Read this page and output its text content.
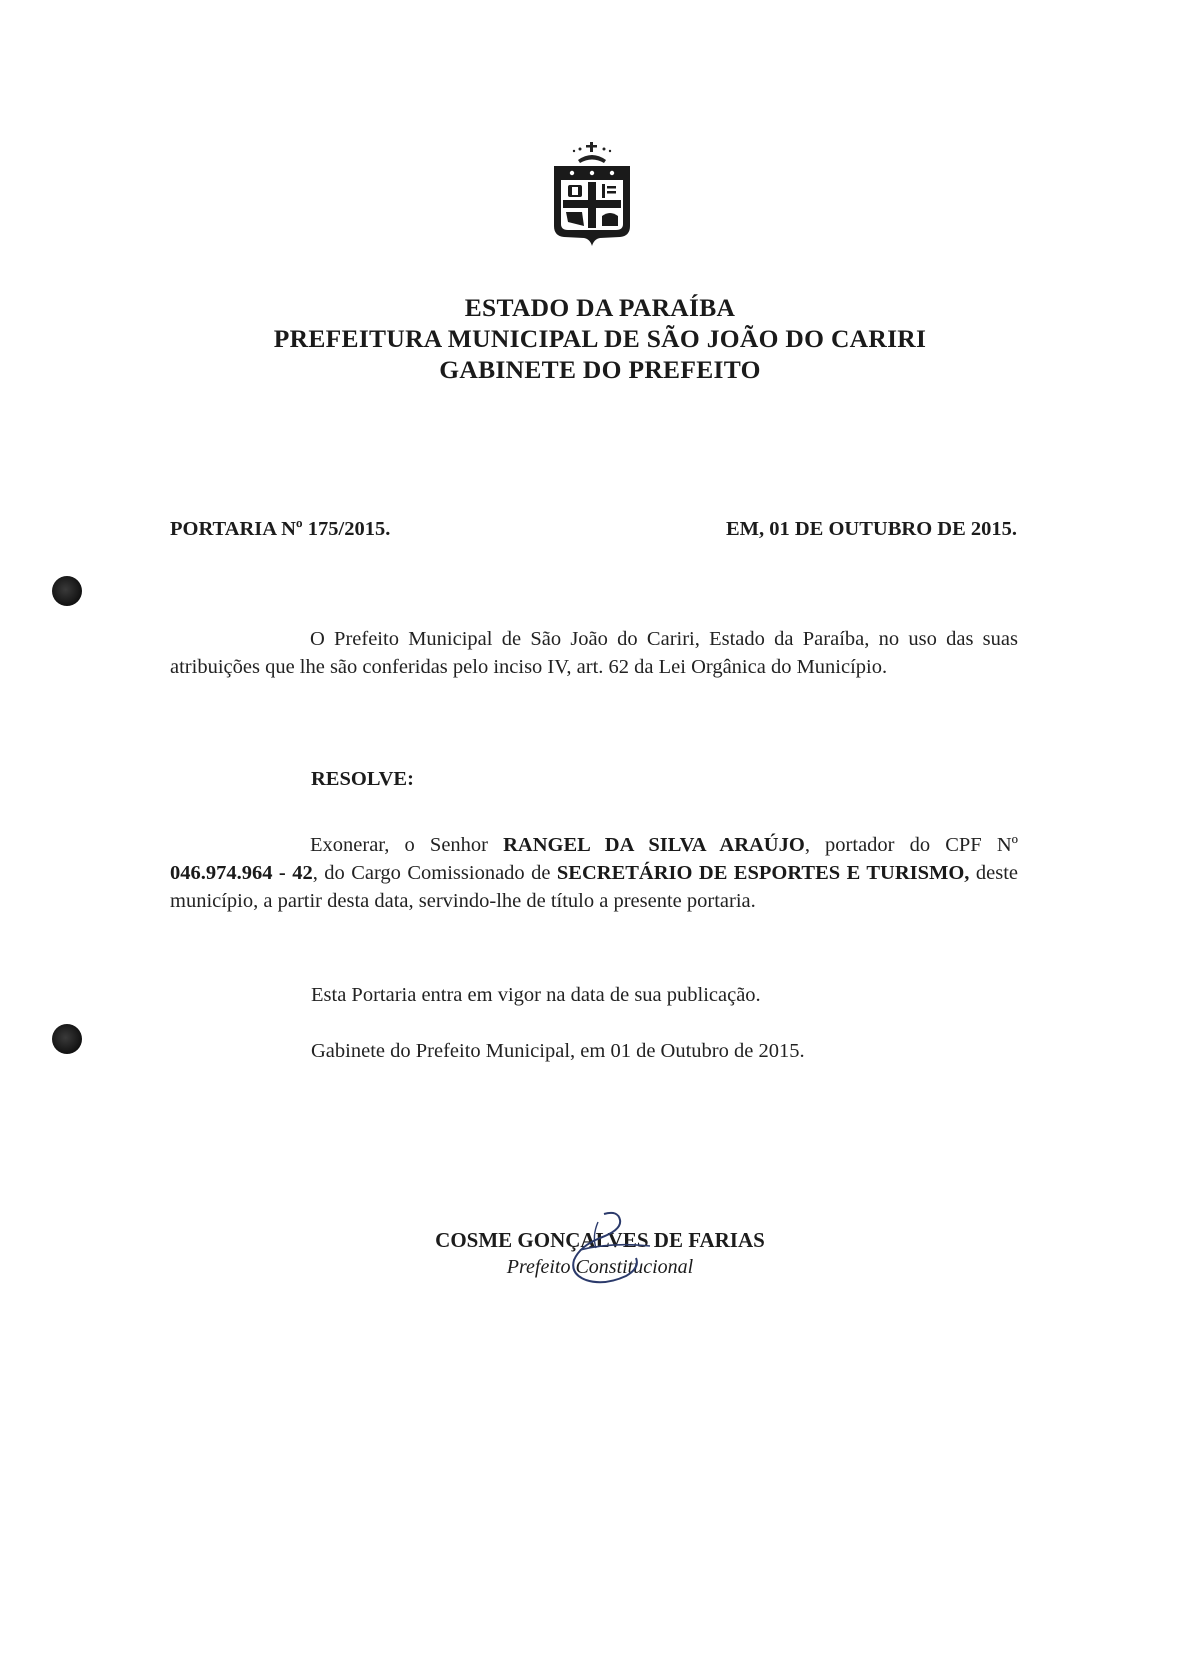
ESTADO DA PARAÍBA
PREFEITURA MUNICIPAL DE SÃO JOÃO DO CARIRI
GABINETE DO PREFEITO
PORTARIA Nº 175/2015.	EM, 01 DE OUTUBRO DE 2015.
O Prefeito Municipal de São João do Cariri, Estado da Paraíba, no uso das suas atribuições que lhe são conferidas pelo inciso IV, art. 62 da Lei Orgânica do Município.
RESOLVE:
Exonerar, o Senhor RANGEL DA SILVA ARAÚJO, portador do CPF Nº 046.974.964 - 42, do Cargo Comissionado de SECRETÁRIO DE ESPORTES E TURISMO, deste município, a partir desta data, servindo-lhe de título a presente portaria.
Esta Portaria entra em vigor na data de sua publicação.
Gabinete do Prefeito Municipal, em 01 de Outubro de 2015.
COSME GONÇALVES DE FARIAS
Prefeito Constitucional
